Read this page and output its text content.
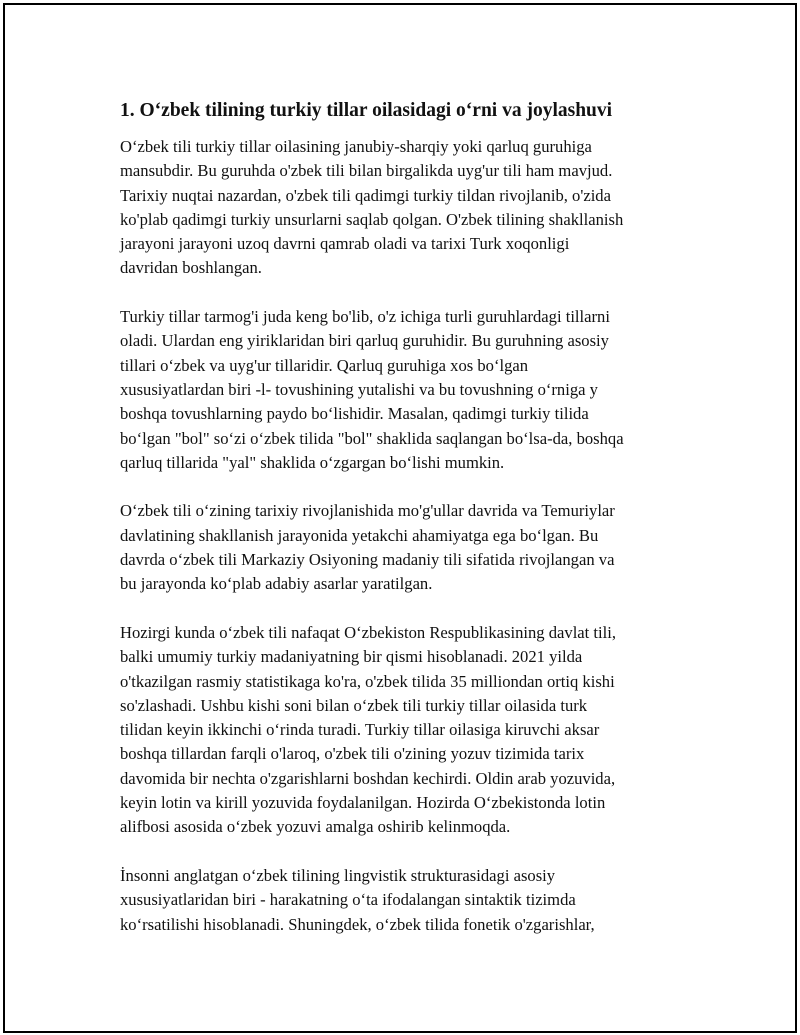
1. O‘zbek tilining turkiy tillar oilasidagi o‘rni va joylashuvi

O‘zbek tili turkiy tillar oilasining janubiy-sharqiy yoki qarluq guruhiga
mansubdir. Bu guruhda o'zbek tili bilan birgalikda uyg'ur tili ham mavjud.
Tarixiy nuqtai nazardan, o'zbek tili qadimgi turkiy tildan rivojlanib, o'zida
ko'plab qadimgi turkiy unsurlarni saqlab qolgan. O'zbek tilining shakllanish
jarayoni jarayoni uzoq davrni qamrab oladi va tarixi Turk xoqonligi
davridan boshlangan.

Turkiy tillar tarmog'i juda keng bo'lib, o'z ichiga turli guruhlardagi tillarni
oladi. Ulardan eng yiriklaridan biri qarluq guruhidir. Bu guruhning asosiy
tillari o‘zbek va uyg'ur tillaridir. Qarluq guruhiga xos bo‘lgan
xususiyatlardan biri -l- tovushining yutalishi va bu tovushning o‘rniga y
boshqa tovushlarning paydo bo‘lishidir. Masalan, qadimgi turkiy tilida
bo‘lgan "bol" so‘zi o‘zbek tilida "bol" shaklida saqlangan bo‘lsa-da, boshqa
qarluq tillarida "yal" shaklida o‘zgargan bo‘lishi mumkin.

O‘zbek tili o‘zining tarixiy rivojlanishida mo'g'ullar davrida va Temuriylar
davlatining shakllanish jarayonida yetakchi ahamiyatga ega bo‘lgan. Bu
davrda o‘zbek tili Markaziy Osiyoning madaniy tili sifatida rivojlangan va
bu jarayonda ko‘plab adabiy asarlar yaratilgan.

Hozirgi kunda o‘zbek tili nafaqat O‘zbekiston Respublikasining davlat tili,
balki umumiy turkiy madaniyatning bir qismi hisoblanadi. 2021 yilda
o'tkazilgan rasmiy statistikaga ko'ra, o'zbek tilida 35 milliondan ortiq kishi
so'zlashadi. Ushbu kishi soni bilan o‘zbek tili turkiy tillar oilasida turk
tilidan keyin ikkinchi o‘rinda turadi. Turkiy tillar oilasiga kiruvchi aksar
boshqa tillardan farqli o'laroq, o'zbek tili o'zining yozuv tizimida tarix
davomida bir nechta o'zgarishlarni boshdan kechirdi. Oldin arab yozuvida,
keyin lotin va kirill yozuvida foydalanilgan. Hozirda O‘zbekistonda lotin
alifbosi asosida o‘zbek yozuvi amalga oshirib kelinmoqda.

İnsonni anglatgan o‘zbek tilining lingvistik strukturasidagi asosiy
xususiyatlaridan biri - harakatning o‘ta ifodalangan sintaktik tizimda
ko‘rsatilishi hisoblanadi. Shuningdek, o‘zbek tilida fonetik o'zgarishlar,
